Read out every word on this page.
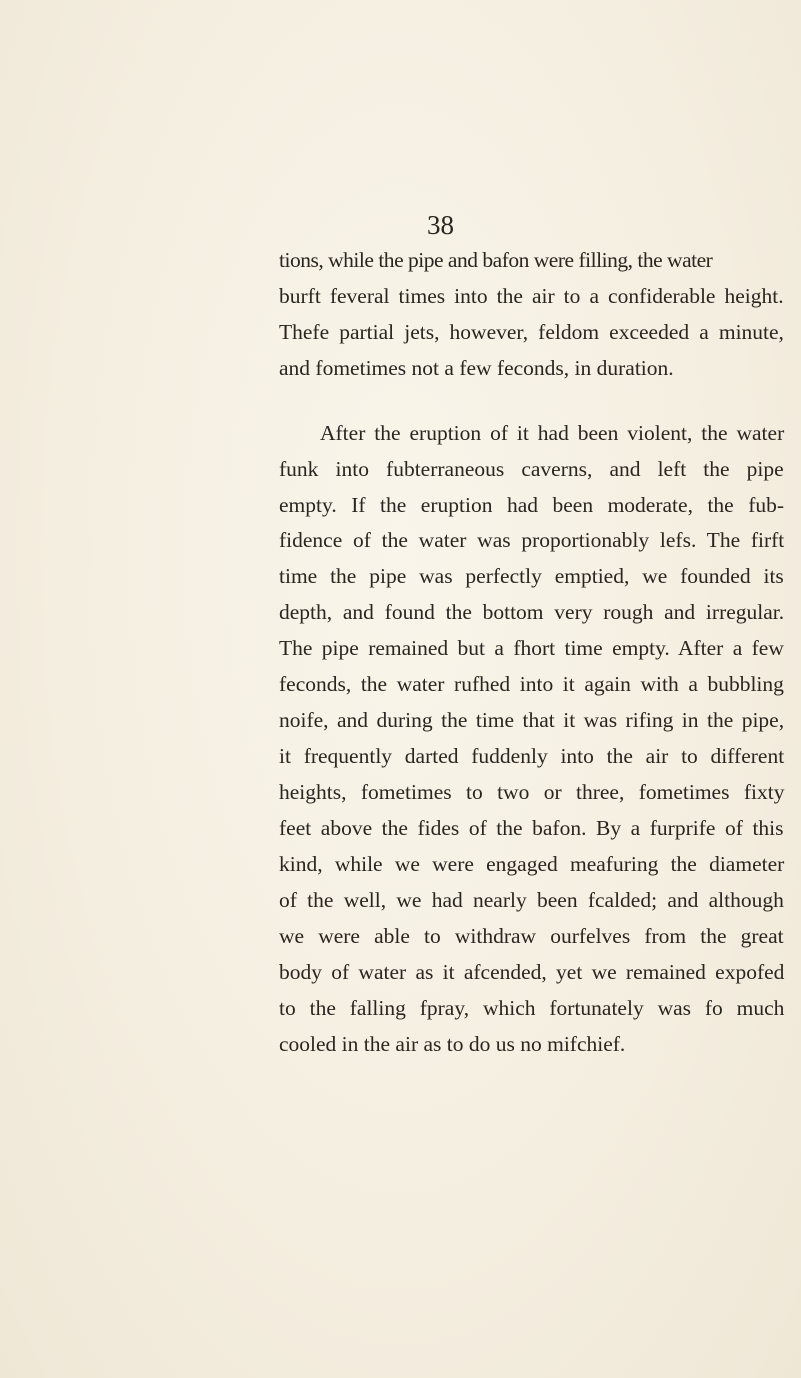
38
tions, while the pipe and bafon were filling, the water
burft feveral times into the air to a confiderable height.
Thefe partial jets, however, feldom exceeded a minute,
and fometimes not a few feconds, in duration.
After the eruption of it had been violent, the water
funk into fubterraneous caverns, and left the pipe
empty. If the eruption had been moderate, the fub-
fidence of the water was proportionably lefs. The firft
time the pipe was perfectly emptied, we founded its
depth, and found the bottom very rough and irregular.
The pipe remained but a fhort time empty. After a few
feconds, the water rufhed into it again with a bubbling
noife, and during the time that it was rifing in the pipe,
it frequently darted fuddenly into the air to different
heights, fometimes to two or three, fometimes fixty
feet above the fides of the bafon. By a furprife of this
kind, while we were engaged meafuring the diameter
of the well, we had nearly been fcalded; and although
we were able to withdraw ourfelves from the great
body of water as it afcended, yet we remained expofed
to the falling fpray, which fortunately was fo much
cooled in the air as to do us no mifchief.
